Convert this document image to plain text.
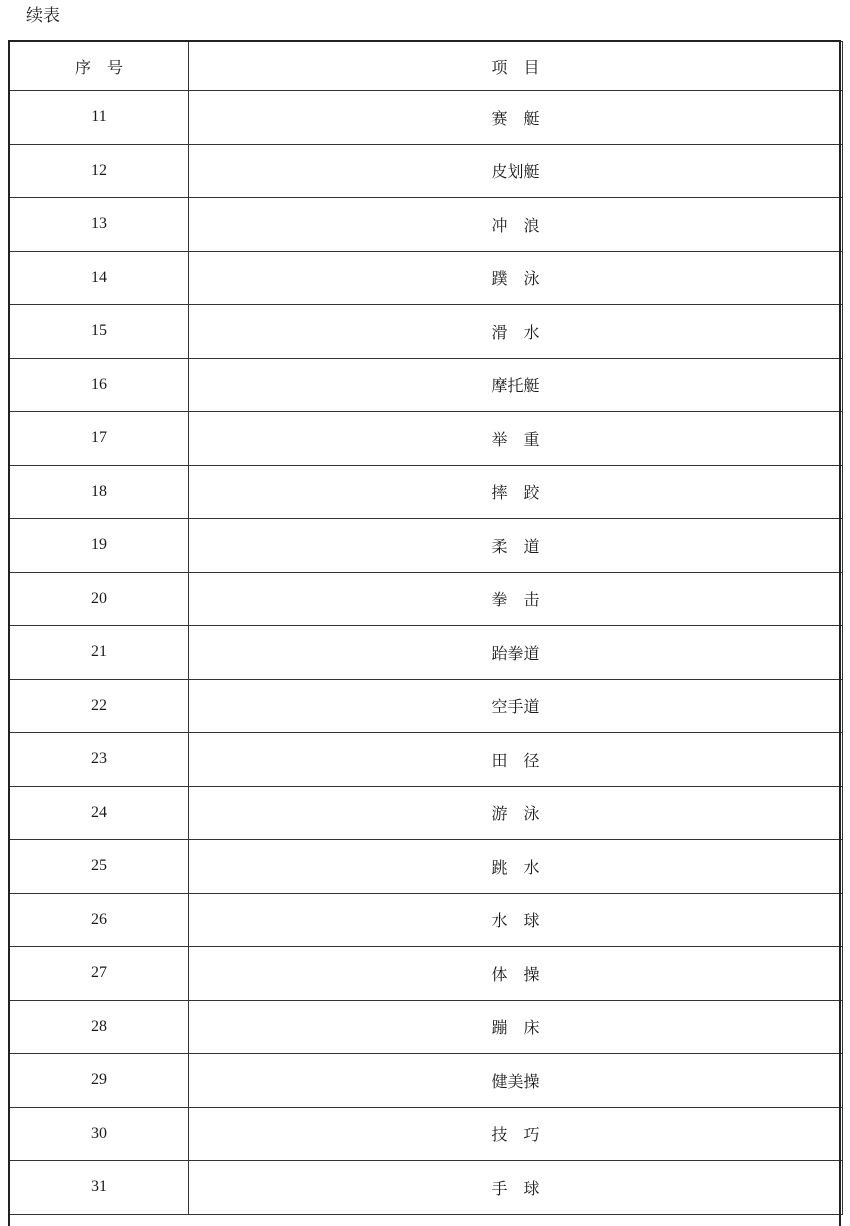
续表
序　号	项　目
11	赛　艇
12	皮划艇
13	冲　浪
14	蹼　泳
15	滑　水
16	摩托艇
17	举　重
18	摔　跤
19	柔　道
20	拳　击
21	跆拳道
22	空手道
23	田　径
24	游　泳
25	跳　水
26	水　球
27	体　操
28	蹦　床
29	健美操
30	技　巧
31	手　球
